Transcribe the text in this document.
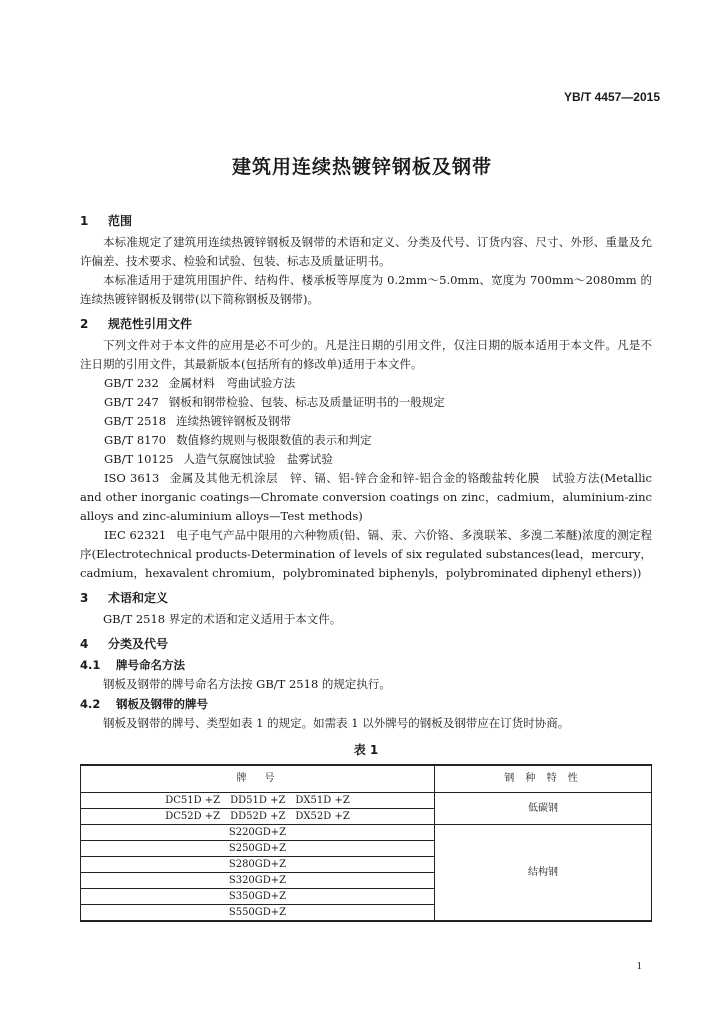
YB/T 4457—2015
建筑用连续热镀锌钢板及钢带
1 范围

本标准规定了建筑用连续热镀锌钢板及钢带的术语和定义、分类及代号、订货内容、尺寸、外形、重量及允许偏差、技术要求、检验和试验、包装、标志及质量证明书。

本标准适用于建筑用围护件、结构件、楼承板等厚度为 0.2mm～5.0mm、宽度为 700mm～2080mm 的连续热镀锌钢板及钢带(以下简称钢板及钢带)。

2 规范性引用文件

下列文件对于本文件的应用是必不可少的。凡是注日期的引用文件，仅注日期的版本适用于本文件。凡是不注日期的引用文件，其最新版本(包括所有的修改单)适用于本文件。

GB/T 232 金属材料　弯曲试验方法

GB/T 247 钢板和钢带检验、包装、标志及质量证明书的一般规定

GB/T 2518 连续热镀锌钢板及钢带

GB/T 8170 数值修约规则与极限数值的表示和判定

GB/T 10125 人造气氛腐蚀试验　盐雾试验

ISO 3613 金属及其他无机涂层　锌、镉、铝-锌合金和锌-铝合金的铬酸盐转化膜　试验方法(Metallic and other inorganic coatings—Chromate conversion coatings on zinc，cadmium，aluminium-zinc alloys and zinc-aluminium alloys—Test methods)

IEC 62321 电子电气产品中限用的六种物质(铅、镉、汞、六价铬、多溴联苯、多溴二苯醚)浓度的测定程序(Electrotechnical products-Determination of levels of six regulated substances(lead，mercury，cadmium，hexavalent chromium，polybrominated biphenyls，polybrominated diphenyl ethers))

3 术语和定义

GB/T 2518 界定的术语和定义适用于本文件。

4 分类及代号
4.1 牌号命名方法

钢板及钢带的牌号命名方法按 GB/T 2518 的规定执行。

4.2 钢板及钢带的牌号

钢板及钢带的牌号、类型如表 1 的规定。如需表 1 以外牌号的钢板及钢带应在订货时协商。

表 1
牌　号	钢 种 特 性
DC51D +Z　DD51D +Z　DX51D +Z	低碳钢
DC52D +Z　DD52D +Z　DX52D +Z	
S220GD+Z	结构钢
S250GD+Z	
S280GD+Z	
S320GD+Z	
S350GD+Z	
S550GD+Z	
1
